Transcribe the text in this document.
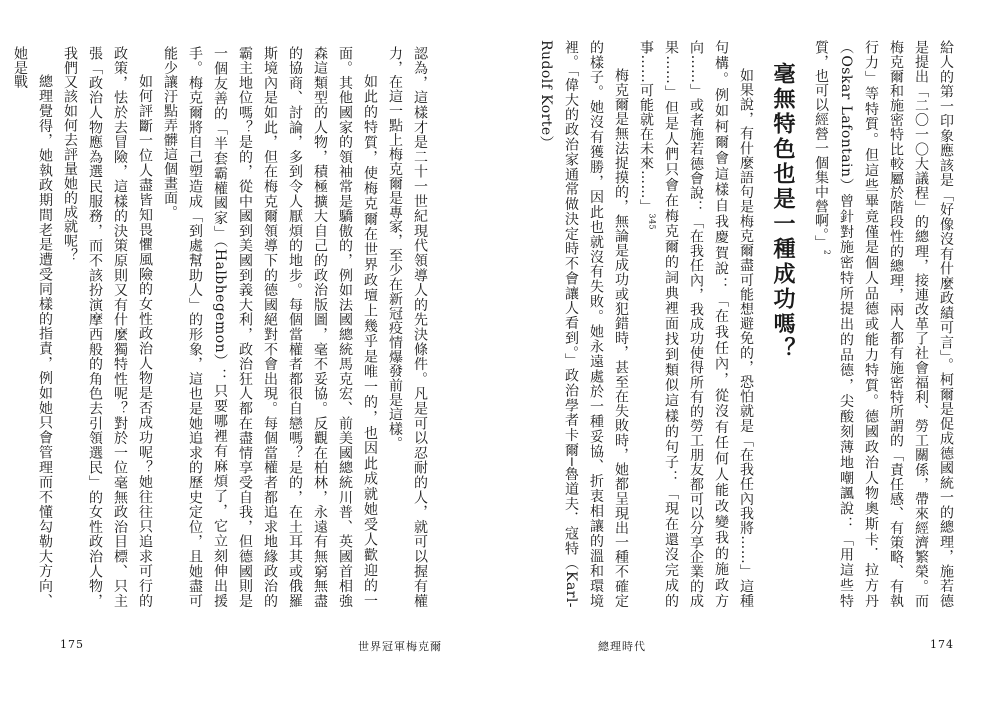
認為，這樣才是二十一世紀現代領導人的先決條件。凡是可以忍耐的人，就可以握有權力，在這一點上梅克爾是專家，至少在新冠疫情爆發前是這樣。

如此的特質，使梅克爾在世界政壇上幾乎是唯一的，也因此成就她受人歡迎的一面。其他國家的領袖常是驕傲的，例如法國總統馬克宏、前美國總統川普、英國首相強森這類型的人物，積極擴大自己的政治版圖，毫不妥協。反觀在柏林，永遠有無窮無盡的協商、討論，多到令人厭煩的地步。每個當權者都很自戀嗎？是的，在土耳其或俄羅斯境內是如此，但在梅克爾領導下的德國絕對不會出現。每個當權者都追求地緣政治的霸主地位嗎？是的，從中國到美國到義大利，政治狂人都在盡情享受自我，但德國則是一個友善的「半套霸權國家」（Halbhegemon）：只要哪裡有麻煩了，它立刻伸出援手。梅克爾將自己塑造成「到處幫助人」的形象，這也是她追求的歷史定位，且她盡可能少讓汙點弄髒這個畫面。

如何評斷一位人盡皆知畏懼風險的女性政治人物是否成功呢？她往往只追求可行的政策，怯於去冒險，這樣的決策原則又有什麼獨特性呢？對於一位毫無政治目標、只主張「政治人物應為選民服務，而不該扮演摩西般的角色去引領選民」的女性政治人物，我們又該如何去評量她的成就呢？

總理覺得，她執政期間老是遭受同樣的指責，例如她只會管理而不懂勾勒大方向、她是戰

175	世界冠軍梅克爾

給人的第一印象應該是「好像沒有什麼政績可言」。柯爾是促成德國統一的總理，施若德是提出「二〇一〇大議程」的總理，接連改革了社會福利、勞工關係，帶來經濟繁榮。而梅克爾和施密特比較屬於階段性的總理，兩人都有施密特所謂的「責任感、有策略、有執行力」等特質。但這些畢竟僅是個人品德或能力特質。德國政治人物奧斯卡．拉方丹（Oskar Lafontain）曾針對施密特所提出的品德，尖酸刻薄地嘲諷說：「用這些特質，也可以經營一個集中營啊。」$^2$

毫無特色也是一種成功嗎？

如果說，有什麼語句是梅克爾盡可能想避免的，恐怕就是「在我任內我將……」這種句構。例如柯爾會這樣自我慶賀說：「在我任內，從沒有任何人能改變我的施政方向……」或者施若德會說：「在我任內，我成功使得所有的勞工朋友都可以分享企業的成果……」但是人們只會在梅克爾的詞典裡面找到類似這樣的句子：「現在還沒完成的事……可能就在未來……」$^{345}$

梅克爾是無法捉摸的，無論是成功或犯錯時，甚至在失敗時，她都呈現出一種不確定的樣子。她沒有獲勝，因此也就沒有失敗。她永遠處於一種妥協、折衷相讓的溫和環境裡。「偉大的政治家通常做決定時不會讓人看到。」政治學者卡爾─魯道夫．寇特（Karl-Rudolf Korte）

總理時代	174
